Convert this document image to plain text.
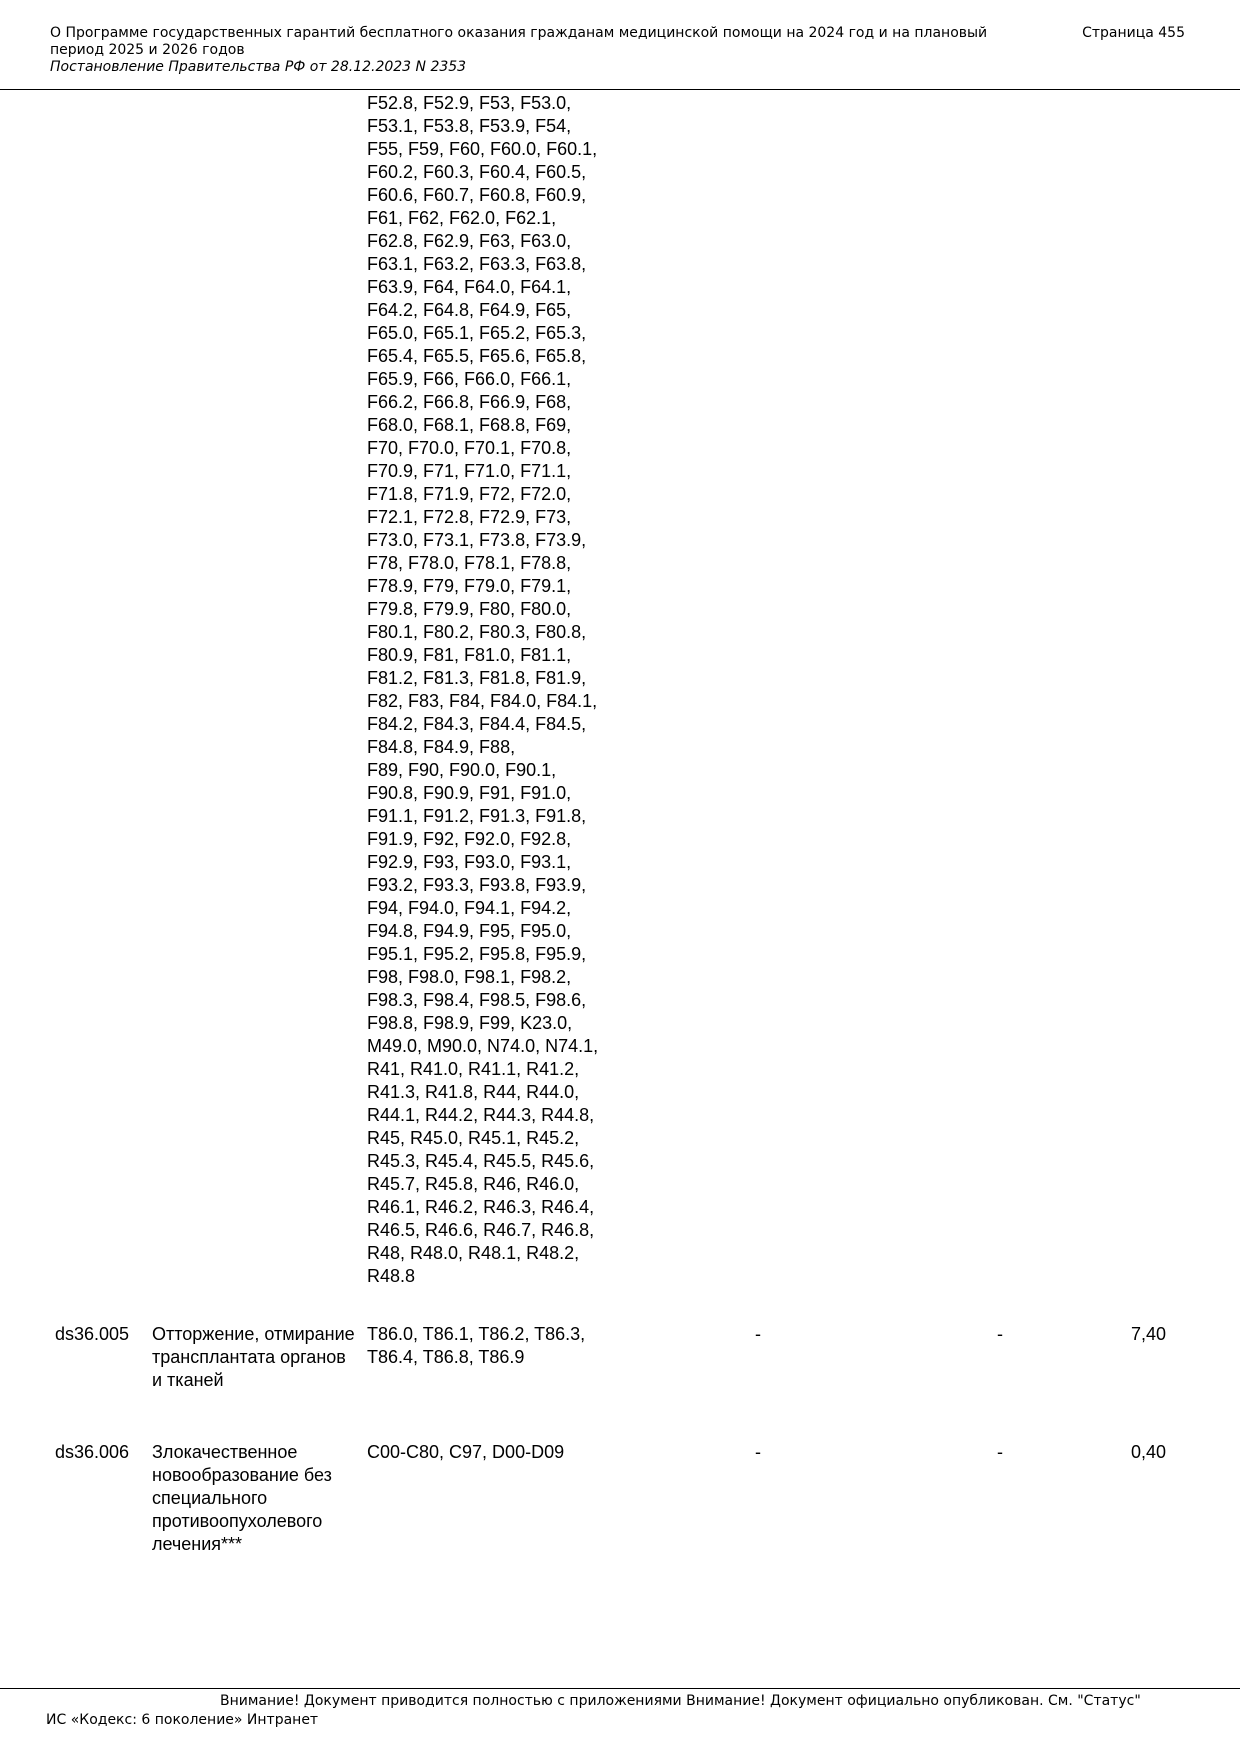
О Программе государственных гарантий бесплатного оказания гражданам медицинской помощи на 2024 год и на плановый период 2025 и 2026 годов
Постановление Правительства РФ от 28.12.2023 N 2353
Страница 455
F52.8, F52.9, F53, F53.0,
F53.1, F53.8, F53.9, F54,
F55, F59, F60, F60.0, F60.1,
F60.2, F60.3, F60.4, F60.5,
F60.6, F60.7, F60.8, F60.9,
F61, F62, F62.0, F62.1,
F62.8, F62.9, F63, F63.0,
F63.1, F63.2, F63.3, F63.8,
F63.9, F64, F64.0, F64.1,
F64.2, F64.8, F64.9, F65,
F65.0, F65.1, F65.2, F65.3,
F65.4, F65.5, F65.6, F65.8,
F65.9, F66, F66.0, F66.1,
F66.2, F66.8, F66.9, F68,
F68.0, F68.1, F68.8, F69,
F70, F70.0, F70.1, F70.8,
F70.9, F71, F71.0, F71.1,
F71.8, F71.9, F72, F72.0,
F72.1, F72.8, F72.9, F73,
F73.0, F73.1, F73.8, F73.9,
F78, F78.0, F78.1, F78.8,
F78.9, F79, F79.0, F79.1,
F79.8, F79.9, F80, F80.0,
F80.1, F80.2, F80.3, F80.8,
F80.9, F81, F81.0, F81.1,
F81.2, F81.3, F81.8, F81.9,
F82, F83, F84, F84.0, F84.1,
F84.2, F84.3, F84.4, F84.5,
F84.8, F84.9, F88,
F89, F90, F90.0, F90.1,
F90.8, F90.9, F91, F91.0,
F91.1, F91.2, F91.3, F91.8,
F91.9, F92, F92.0, F92.8,
F92.9, F93, F93.0, F93.1,
F93.2, F93.3, F93.8, F93.9,
F94, F94.0, F94.1, F94.2,
F94.8, F94.9, F95, F95.0,
F95.1, F95.2, F95.8, F95.9,
F98, F98.0, F98.1, F98.2,
F98.3, F98.4, F98.5, F98.6,
F98.8, F98.9, F99, K23.0,
M49.0, M90.0, N74.0, N74.1,
R41, R41.0, R41.1, R41.2,
R41.3, R41.8, R44, R44.0,
R44.1, R44.2, R44.3, R44.8,
R45, R45.0, R45.1, R45.2,
R45.3, R45.4, R45.5, R45.6,
R45.7, R45.8, R46, R46.0,
R46.1, R46.2, R46.3, R46.4,
R46.5, R46.6, R46.7, R46.8,
R48, R48.0, R48.1, R48.2,
R48.8
ds36.005 Отторжение, отмирание трансплантата органов и тканей
T86.0, T86.1, T86.2, T86.3, T86.4, T86.8, T86.9
-	-	7,40
ds36.006 Злокачественное новообразование без специального противоопухолевого лечения***
C00-C80, C97, D00-D09	-	-	0,40
Внимание! Документ приводится полностью с приложениями Внимание! Документ официально опубликован. См. "Статус"
ИС «Кодекс: 6 поколение» Интранет
